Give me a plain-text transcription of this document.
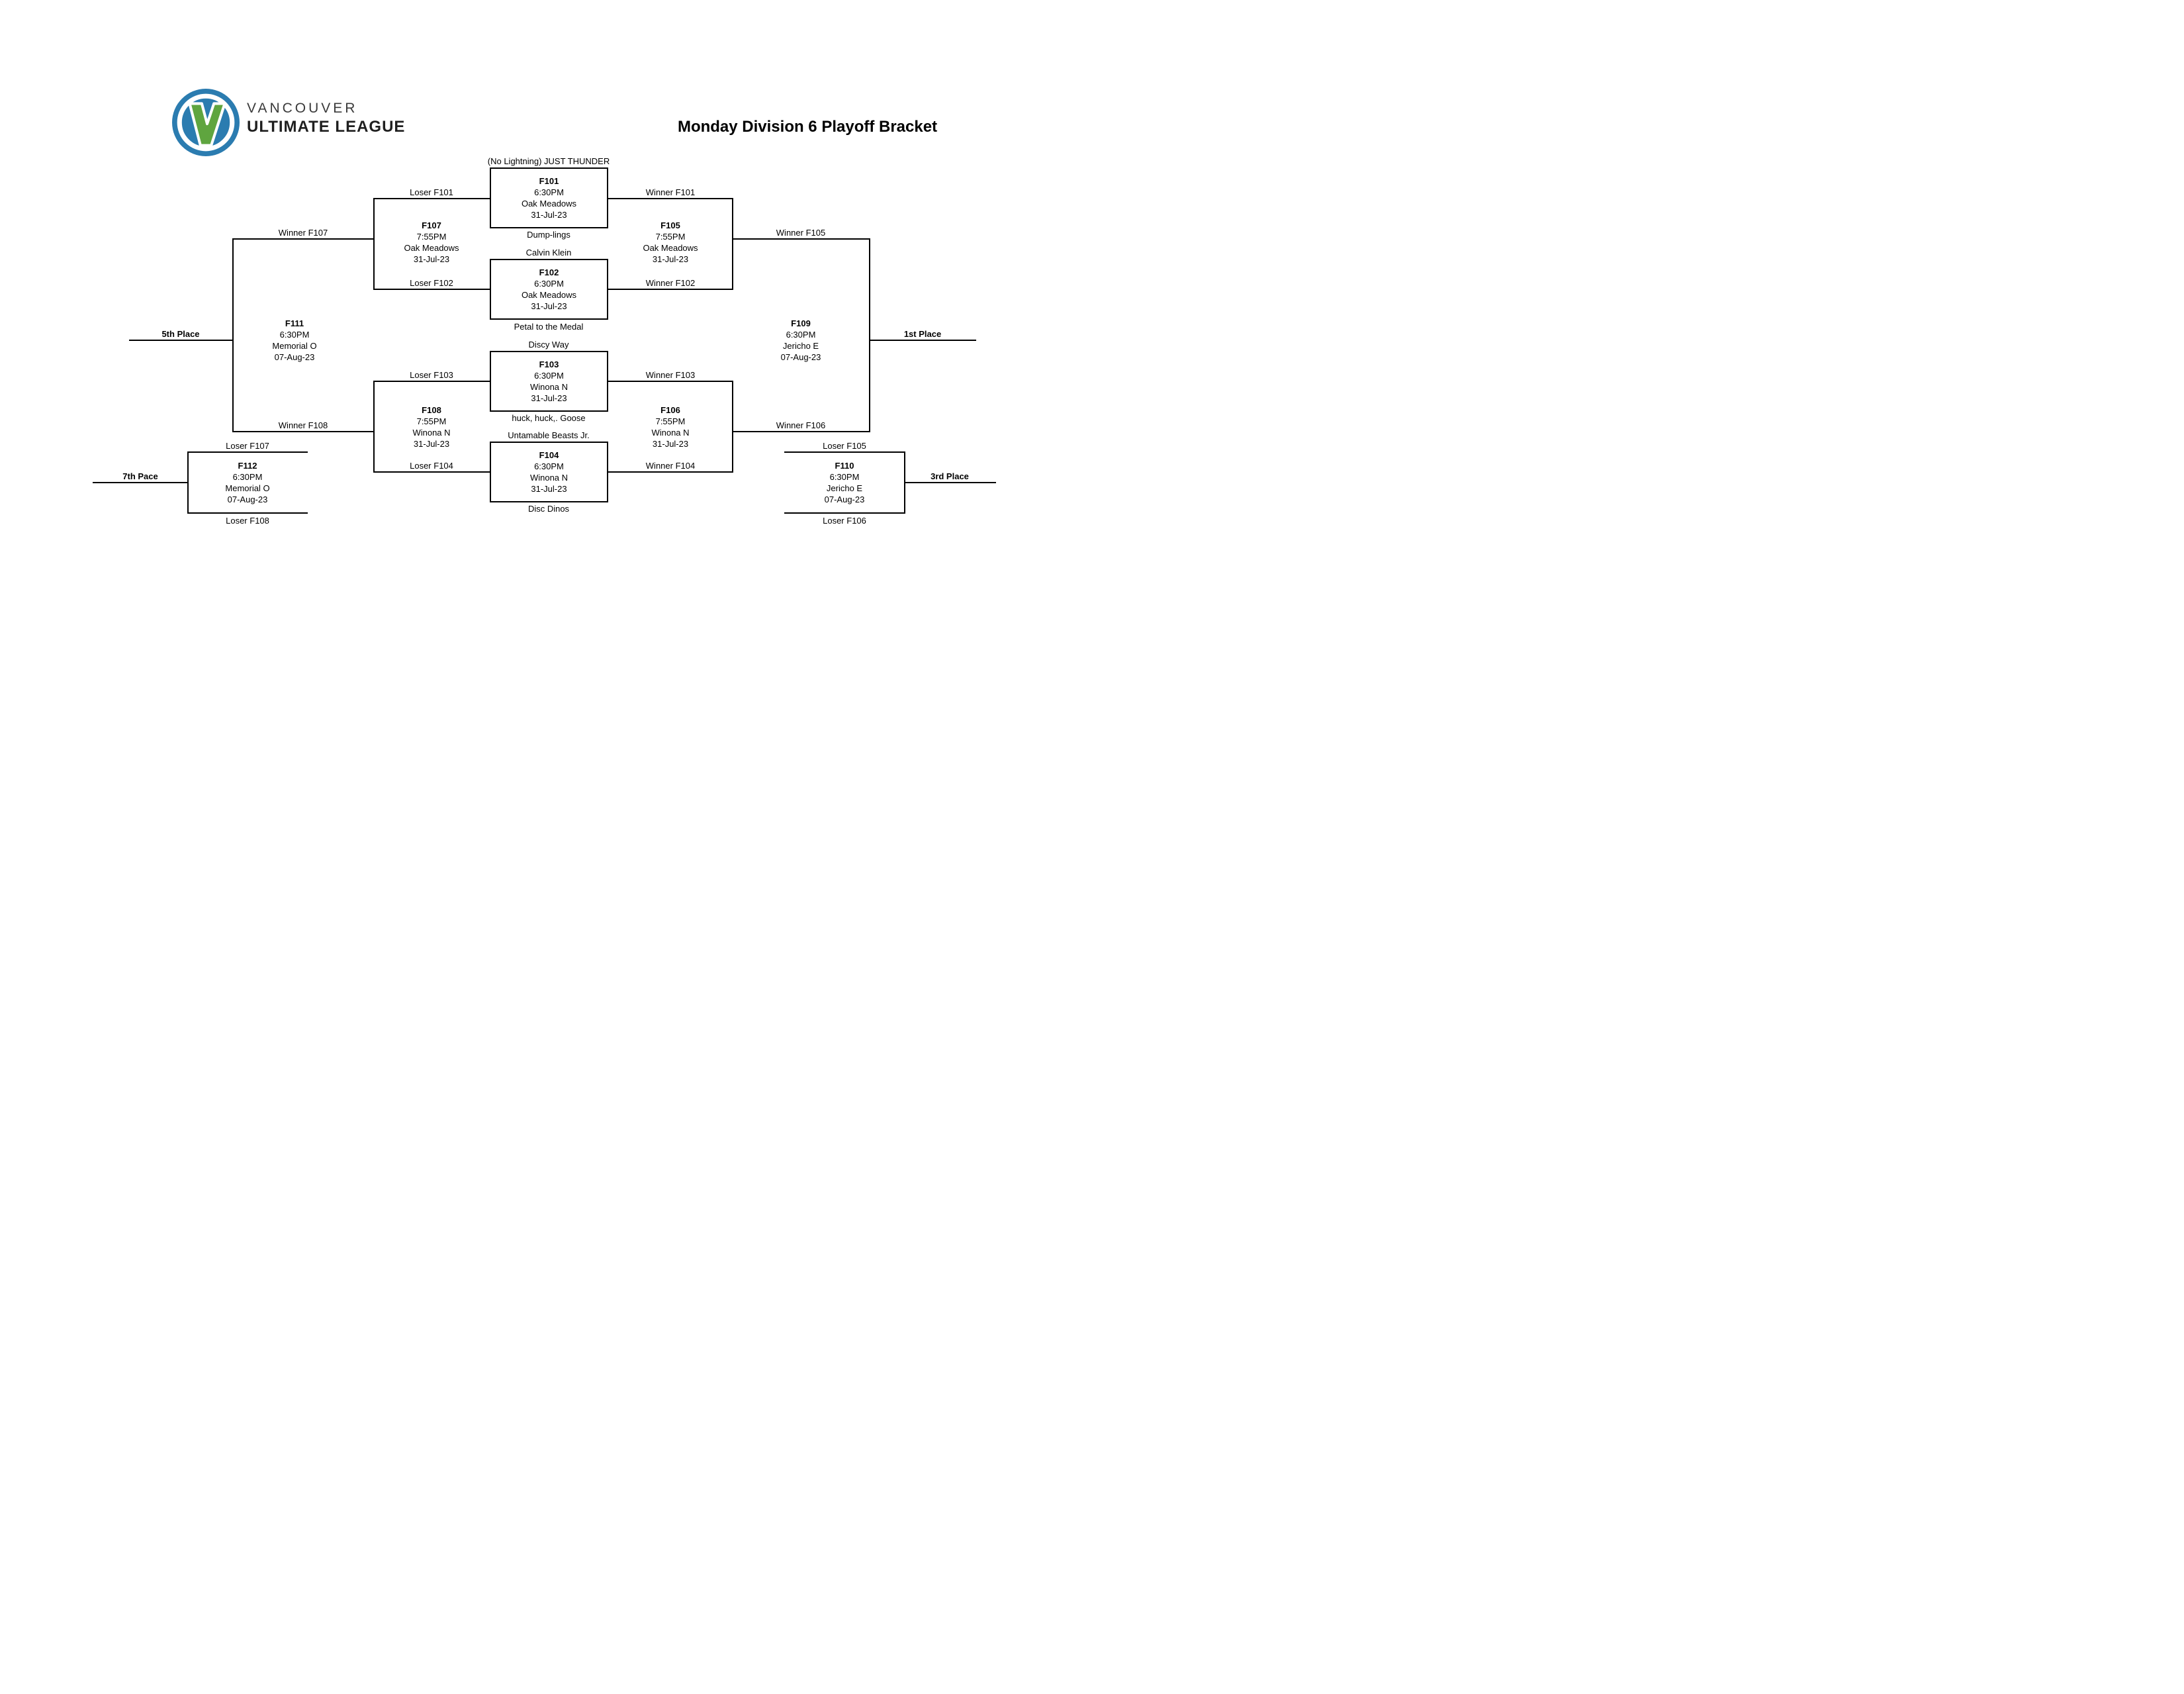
VANCOUVER
ULTIMATE LEAGUE	Monday Division 6 Playoff Bracket
F101
6:30PM
Oak Meadows
31-Jul-23
F102
6:30PM
Oak Meadows
31-Jul-23
F103
6:30PM
Winona N
31-Jul-23
F104
6:30PM
Winona N
31-Jul-23
(No Lightning) JUST THUNDER
Dump-lings
Calvin Klein
Petal to the Medal
Discy Way
huck, huck,. Goose
Untamable Beasts Jr.
Disc Dinos
Loser F101
Loser F102
Loser F103
Loser F104
Winner F101
Winner F102
Winner F103
Winner F104
Winner F107
Winner F108
Winner F105
Winner F106
Loser F107
Loser F108
Loser F105
Loser F106
5th Place	1st Place
7th Pace	3rd Place
F107
7:55PM
Oak Meadows
31-Jul-23
F108
7:55PM
Winona N
31-Jul-23
F105
7:55PM
Oak Meadows
31-Jul-23
F106
7:55PM
Winona N
31-Jul-23
F111
6:30PM
Memorial O
07-Aug-23
F109
6:30PM
Jericho E
07-Aug-23
F112
6:30PM
Memorial O
07-Aug-23
F110
6:30PM
Jericho E
07-Aug-23
